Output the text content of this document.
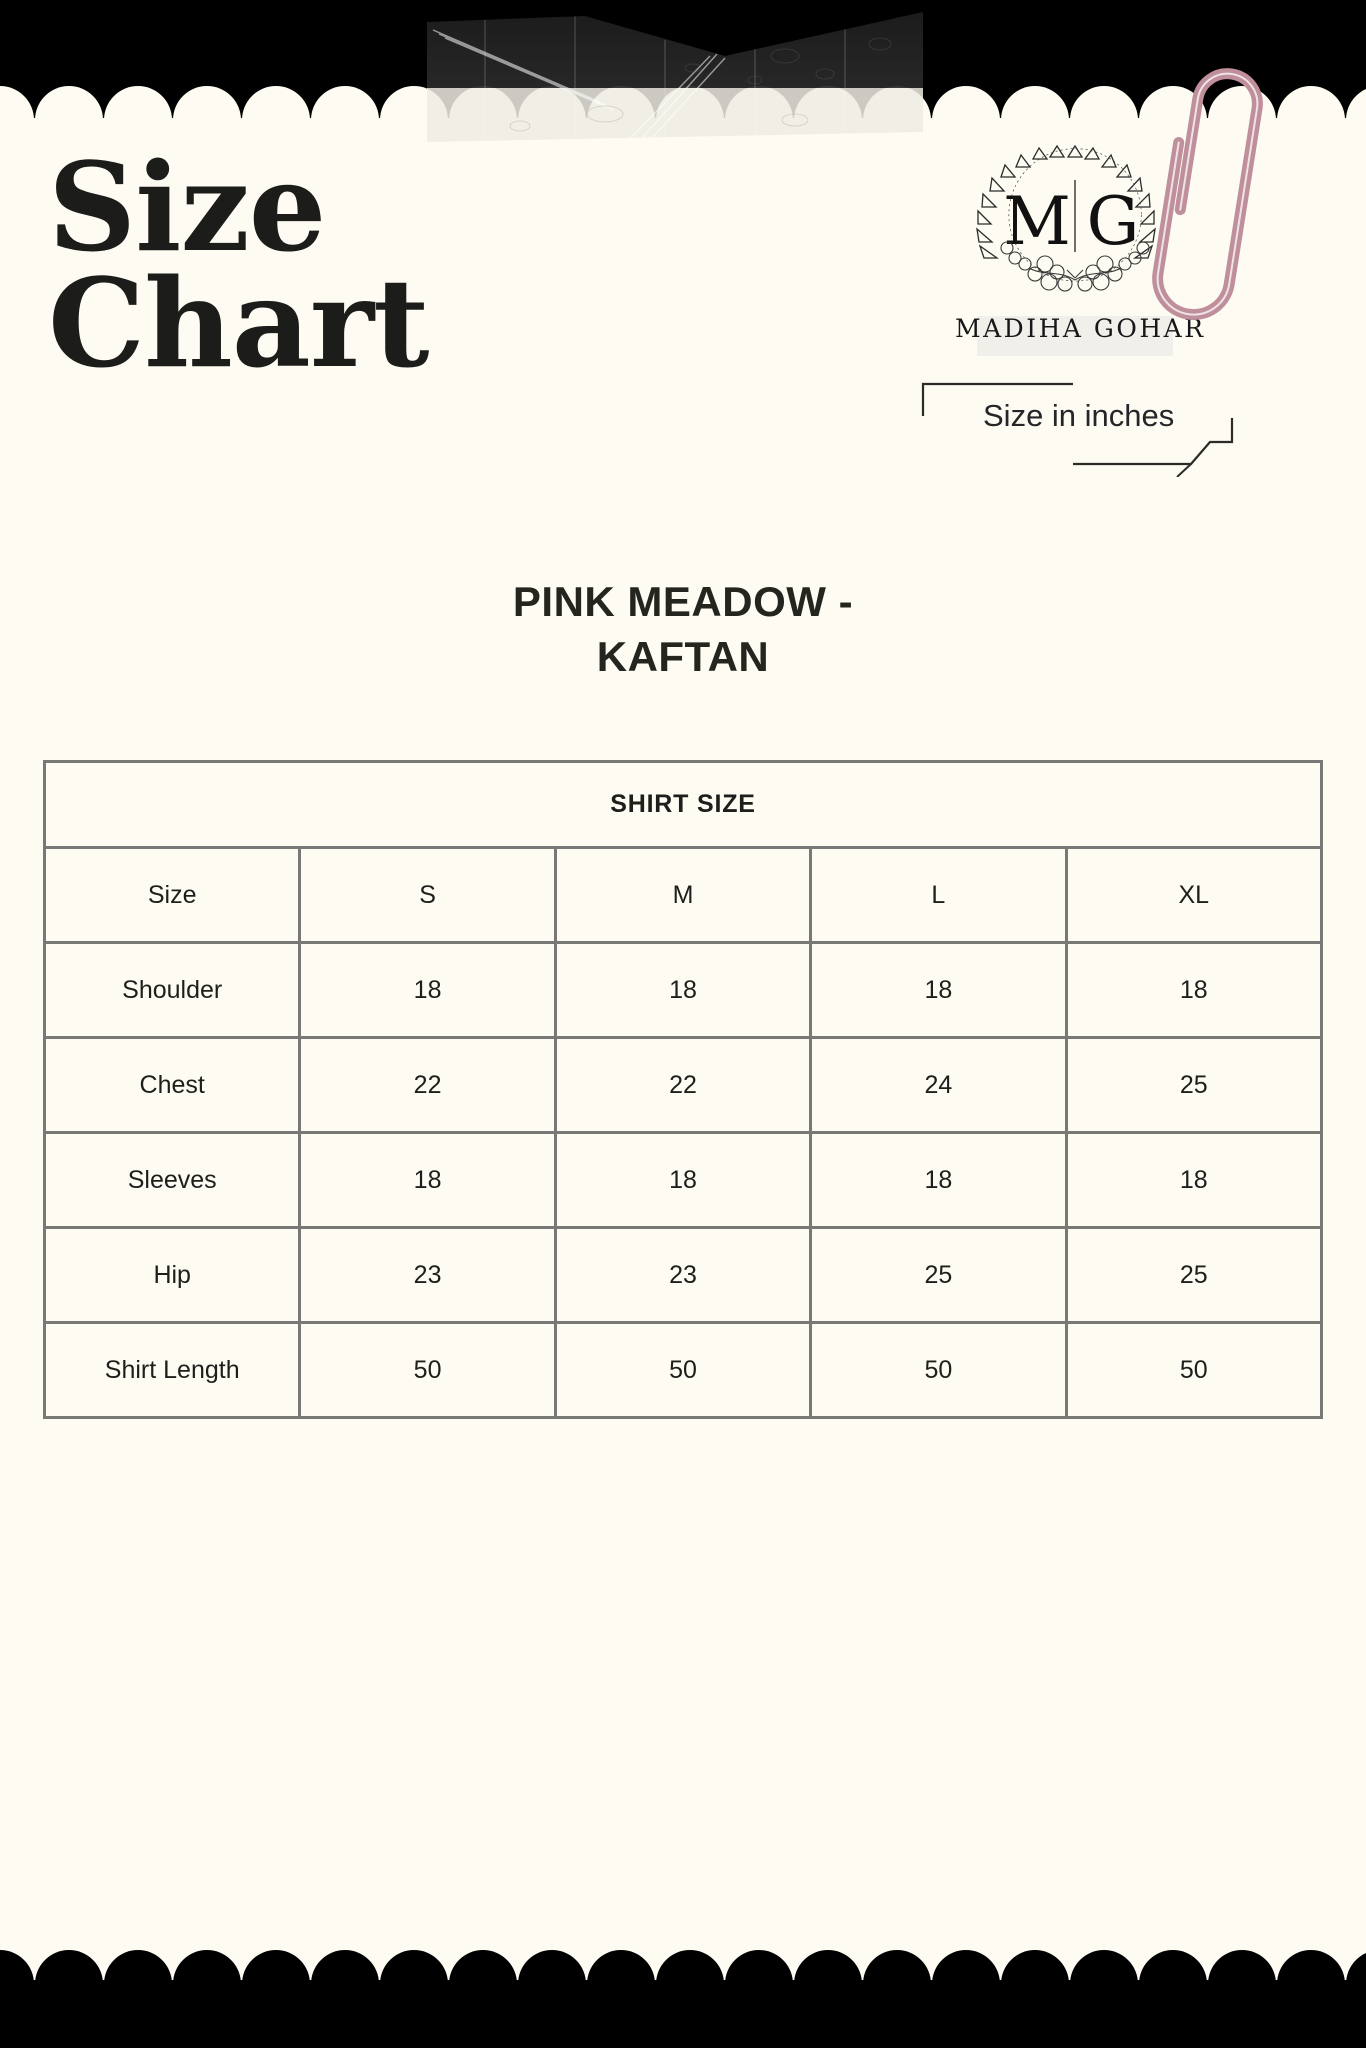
Size
Chart
M G
MADIHA GOHAR
Size in inches
PINK MEADOW -
KAFTAN
SHIRT SIZE				
Size	S	M	L	XL
Shoulder	18	18	18	18
Chest	22	22	24	25
Sleeves	18	18	18	18
Hip	23	23	25	25
Shirt Length	50	50	50	50
